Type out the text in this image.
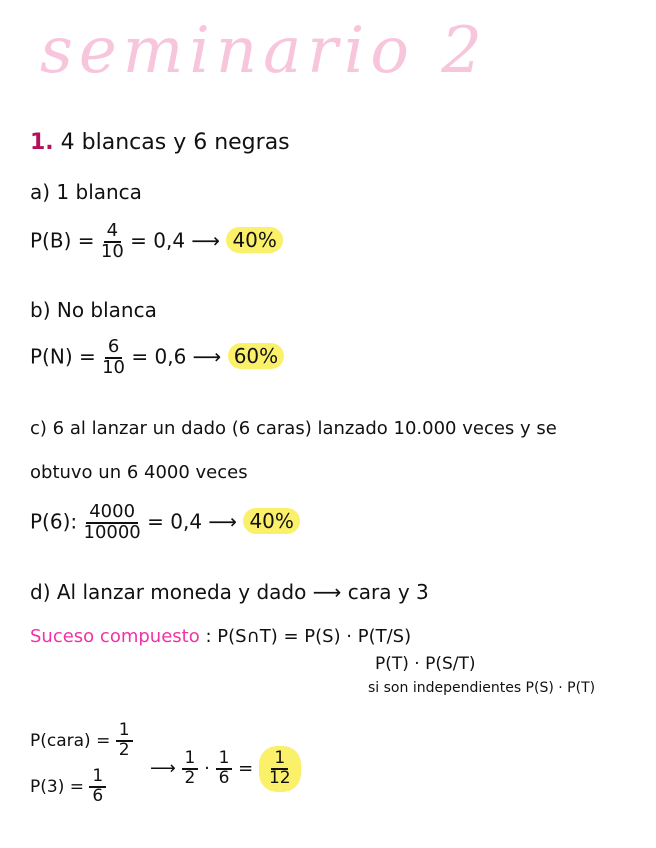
seminario 2
1. 4 blancas y 6 negras
a) 1 blanca
$P(B) = \frac{4}{10} = 0,4$ ⟶ 40%
b) No blanca
$P(N) = \frac{6}{10} = 0,6$ ⟶ 60%
c) 6 al lanzar un dado (6 caras) lanzado 10.000 veces y se
obtuvo un 6 4000 veces
P(6): $\frac{4000}{10000} = 0,4$ ⟶ 40%
d) Al lanzar moneda y dado ⟶ cara y 3
Suceso compuesto : P(S∩T) = P(S) · P(T/S)
P(T) · P(S/T)
si son independientes P(S) · P(T)
P(cara) = $\frac{1}{2}$
$P(3) = \frac{1}{6}$ ⟶ $\frac{1}{2} \cdot \frac{1}{6} = \frac{1}{12}$
